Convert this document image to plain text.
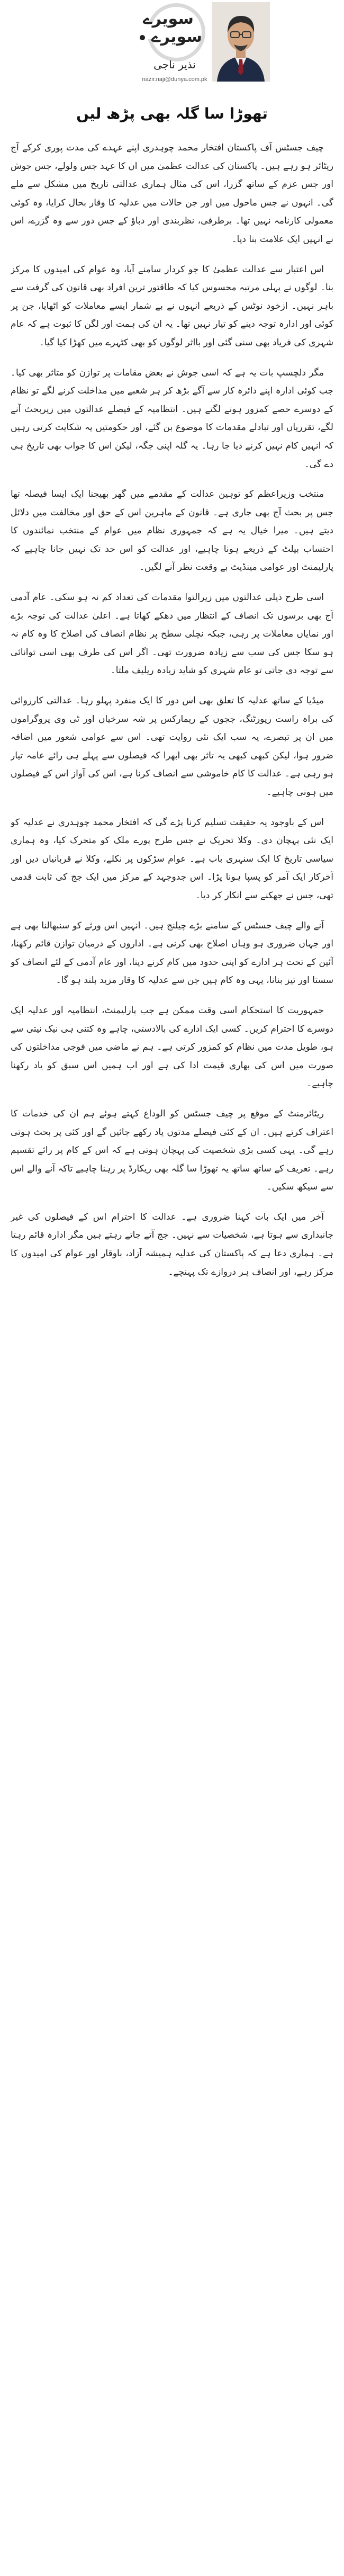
سویرے
سویرے
نذیر ناجی
nazir.naji@dunya.com.pk
تھوڑا سا گلہ بھی پڑھ لیں

چیف جسٹس آف پاکستان افتخار محمد چوہدری اپنے عہدے کی مدت پوری کرکے آج ریٹائر ہو رہے ہیں۔ پاکستان کی عدالت عظمیٰ میں ان کا عہد جس ولولے، جس جوش اور جس عزم کے ساتھ گزرا، اس کی مثال ہماری عدالتی تاریخ میں مشکل سے ملے گی۔ انہوں نے جس ماحول میں اور جن حالات میں عدلیہ کا وقار بحال کرایا، وہ کوئی معمولی کارنامہ نہیں تھا۔ برطرفی، نظربندی اور دباؤ کے جس دور سے وہ گزرے، اس نے انہیں ایک علامت بنا دیا۔

اس اعتبار سے عدالت عظمیٰ کا جو کردار سامنے آیا، وہ عوام کی امیدوں کا مرکز بنا۔ لوگوں نے پہلی مرتبہ محسوس کیا کہ طاقتور ترین افراد بھی قانون کی گرفت سے باہر نہیں۔ ازخود نوٹس کے ذریعے انہوں نے بے شمار ایسے معاملات کو اٹھایا، جن پر کوئی اور ادارہ توجہ دینے کو تیار نہیں تھا۔ یہ ان کی ہمت اور لگن کا ثبوت ہے کہ عام شہری کی فریاد بھی سنی گئی اور بااثر لوگوں کو بھی کٹہرے میں کھڑا کیا گیا۔

مگر دلچسپ بات یہ ہے کہ اسی جوش نے بعض مقامات پر توازن کو متاثر بھی کیا۔ جب کوئی ادارہ اپنے دائرہ کار سے آگے بڑھ کر ہر شعبے میں مداخلت کرنے لگے تو نظام کے دوسرے حصے کمزور ہونے لگتے ہیں۔ انتظامیہ کے فیصلے عدالتوں میں زیربحث آنے لگے، تقرریاں اور تبادلے مقدمات کا موضوع بن گئے، اور حکومتیں یہ شکایت کرتی رہیں کہ انہیں کام نہیں کرنے دیا جا رہا۔ یہ گلہ اپنی جگہ، لیکن اس کا جواب بھی تاریخ ہی دے گی۔

منتخب وزیراعظم کو توہین عدالت کے مقدمے میں گھر بھیجنا ایک ایسا فیصلہ تھا جس پر بحث آج بھی جاری ہے۔ قانون کے ماہرین اس کے حق اور مخالفت میں دلائل دیتے ہیں۔ میرا خیال یہ ہے کہ جمہوری نظام میں عوام کے منتخب نمائندوں کا احتساب بیلٹ کے ذریعے ہونا چاہیے، اور عدالت کو اس حد تک نہیں جانا چاہیے کہ پارلیمنٹ اور عوامی مینڈیٹ بے وقعت نظر آنے لگیں۔

اسی طرح ذیلی عدالتوں میں زیرالتوا مقدمات کی تعداد کم نہ ہو سکی۔ عام آدمی آج بھی برسوں تک انصاف کے انتظار میں دھکے کھاتا ہے۔ اعلیٰ عدالت کی توجہ بڑے اور نمایاں معاملات پر رہی، جبکہ نچلی سطح پر نظام انصاف کی اصلاح کا وہ کام نہ ہو سکا جس کی سب سے زیادہ ضرورت تھی۔ اگر اس کی طرف بھی اسی توانائی سے توجہ دی جاتی تو عام شہری کو شاید زیادہ ریلیف ملتا۔

میڈیا کے ساتھ عدلیہ کا تعلق بھی اس دور کا ایک منفرد پہلو رہا۔ عدالتی کارروائی کی براہ راست رپورٹنگ، ججوں کے ریمارکس پر شہ سرخیاں اور ٹی وی پروگراموں میں ان پر تبصرے، یہ سب ایک نئی روایت تھی۔ اس سے عوامی شعور میں اضافہ ضرور ہوا، لیکن کبھی کبھی یہ تاثر بھی ابھرا کہ فیصلوں سے پہلے ہی رائے عامہ تیار ہو رہی ہے۔ عدالت کا کام خاموشی سے انصاف کرنا ہے، اس کی آواز اس کے فیصلوں میں ہونی چاہیے۔

اس کے باوجود یہ حقیقت تسلیم کرنا پڑے گی کہ افتخار محمد چوہدری نے عدلیہ کو ایک نئی پہچان دی۔ وکلا تحریک نے جس طرح پورے ملک کو متحرک کیا، وہ ہماری سیاسی تاریخ کا ایک سنہری باب ہے۔ عوام سڑکوں پر نکلے، وکلا نے قربانیاں دیں اور آخرکار ایک آمر کو پسپا ہونا پڑا۔ اس جدوجہد کے مرکز میں ایک جج کی ثابت قدمی تھی، جس نے جھکنے سے انکار کر دیا۔

آنے والے چیف جسٹس کے سامنے بڑے چیلنج ہیں۔ انہیں اس ورثے کو سنبھالنا بھی ہے اور جہاں ضروری ہو وہاں اصلاح بھی کرنی ہے۔ اداروں کے درمیان توازن قائم رکھنا، آئین کے تحت ہر ادارے کو اپنی حدود میں کام کرنے دینا، اور عام آدمی کے لئے انصاف کو سستا اور تیز بنانا، یہی وہ کام ہیں جن سے عدلیہ کا وقار مزید بلند ہو گا۔

جمہوریت کا استحکام اسی وقت ممکن ہے جب پارلیمنٹ، انتظامیہ اور عدلیہ ایک دوسرے کا احترام کریں۔ کسی ایک ادارے کی بالادستی، چاہے وہ کتنی ہی نیک نیتی سے ہو، طویل مدت میں نظام کو کمزور کرتی ہے۔ ہم نے ماضی میں فوجی مداخلتوں کی صورت میں اس کی بھاری قیمت ادا کی ہے اور اب ہمیں اس سبق کو یاد رکھنا چاہیے۔

ریٹائرمنٹ کے موقع پر چیف جسٹس کو الوداع کہتے ہوئے ہم ان کی خدمات کا اعتراف کرتے ہیں۔ ان کے کئی فیصلے مدتوں یاد رکھے جائیں گے اور کئی پر بحث ہوتی رہے گی۔ یہی کسی بڑی شخصیت کی پہچان ہوتی ہے کہ اس کے کام پر رائے تقسیم رہے۔ تعریف کے ساتھ ساتھ یہ تھوڑا سا گلہ بھی ریکارڈ پر رہنا چاہیے تاکہ آنے والے اس سے سیکھ سکیں۔

آخر میں ایک بات کہنا ضروری ہے۔ عدالت کا احترام اس کے فیصلوں کی غیر جانبداری سے ہوتا ہے، شخصیات سے نہیں۔ جج آتے جاتے رہتے ہیں مگر ادارہ قائم رہتا ہے۔ ہماری دعا ہے کہ پاکستان کی عدلیہ ہمیشہ آزاد، باوقار اور عوام کی امیدوں کا مرکز رہے، اور انصاف ہر دروازے تک پہنچے۔
